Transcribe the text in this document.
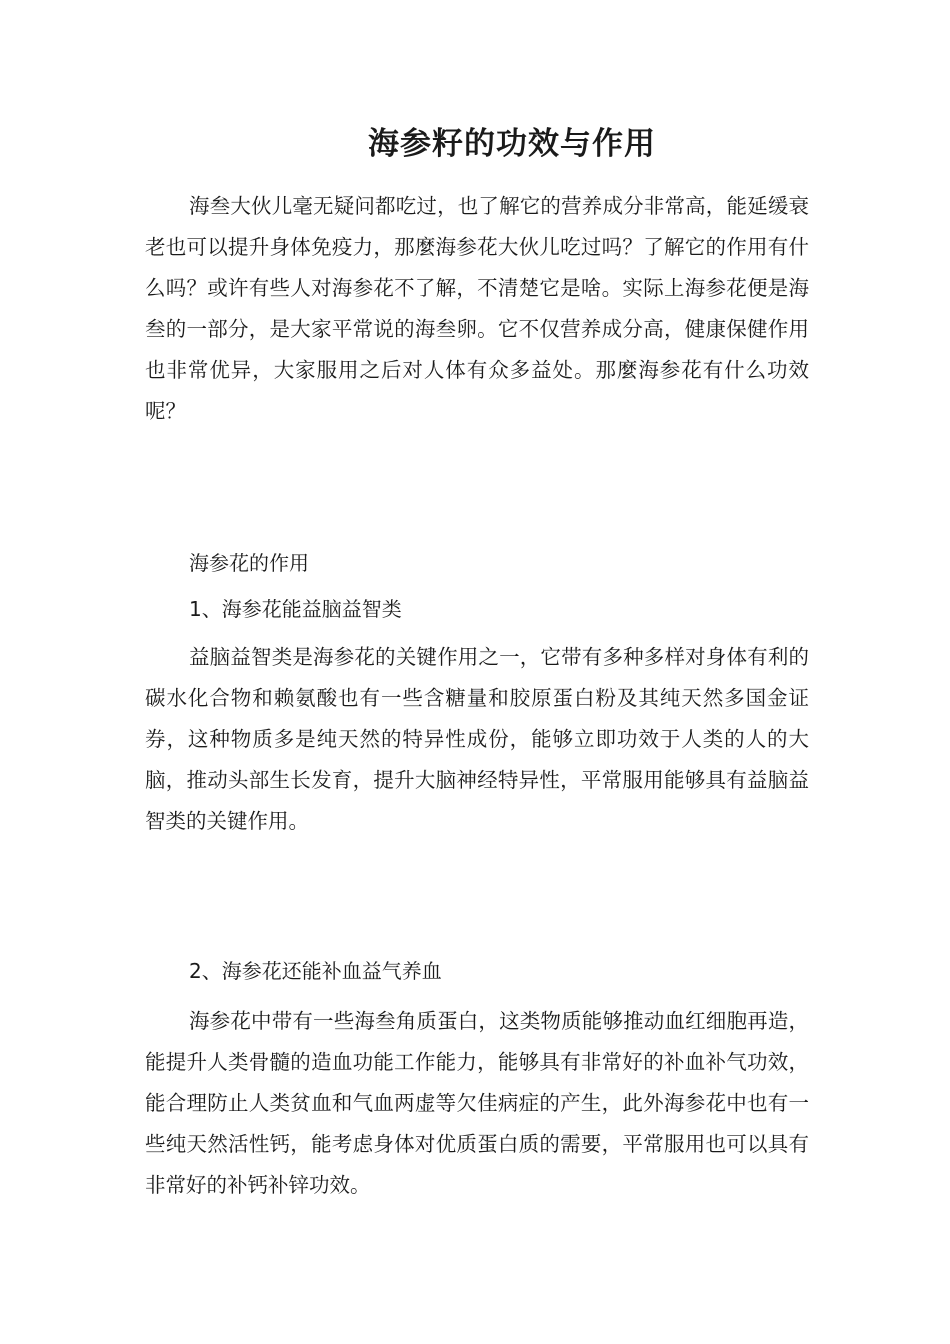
海参籽的功效与作用

海叁大伙儿毫无疑问都吃过，也了解它的营养成分非常高，能延缓衰老也可以提升身体免疫力，那麼海参花大伙儿吃过吗？了解它的作用有什么吗？或许有些人对海参花不了解，不清楚它是啥。实际上海参花便是海叁的一部分，是大家平常说的海叁卵。它不仅营养成分高，健康保健作用也非常优异，大家服用之后对人体有众多益处。那麼海参花有什么功效呢？

海参花的作用

1、海参花能益脑益智类

益脑益智类是海参花的关键作用之一，它带有多种多样对身体有利的碳水化合物和赖氨酸也有一些含糖量和胶原蛋白粉及其纯天然多国金证券，这种物质多是纯天然的特异性成份，能够立即功效于人类的人的大脑，推动头部生长发育，提升大脑神经特异性，平常服用能够具有益脑益智类的关键作用。

2、海参花还能补血益气养血

海参花中带有一些海叁角质蛋白，这类物质能够推动血红细胞再造，能提升人类骨髓的造血功能工作能力，能够具有非常好的补血补气功效，能合理防止人类贫血和气血两虚等欠佳病症的产生，此外海参花中也有一些纯天然活性钙，能考虑身体对优质蛋白质的需要，平常服用也可以具有非常好的补钙补锌功效。
